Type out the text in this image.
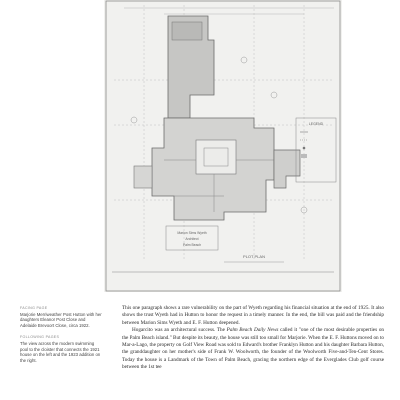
LEGEND
Marion Sims Wyeth
Architect
Palm Beach
PLOT PLAN
FACING PAGE
Marjorie Merriweather Post Hutton with her daughters Eleanor Post Close and Adelaide Brevoort Close, circa 1922.
FOLLOWING PAGES
The view across the modern swimming pool to the cloister that connects the 1921 house on the left and the 1923 addition on the right.

This one paragraph shows a rare vulnerability on the part of Wyeth regarding his financial situation at the end of 1925. It also shows the trust Wyeth had in Hutton to honor the request in a timely manner. In the end, the bill was paid and the friendship between Marion Sims Wyeth and E. F. Hutton deepened.

Hogarcito was an architectural success. The Palm Beach Daily News called it "one of the most desirable properties on the Palm Beach island." But despite its beauty, the house was still too small for Marjorie. When the E. F. Huttons moved on to Mar-a-Lago, the property on Golf View Road was sold to Edward's brother Franklyn Hutton and his daughter Barbara Hutton, the granddaughter on her mother's side of Frank W. Woolworth, the founder of the Woolworth Five-and-Ten-Cent Stores. Today the house is a Landmark of the Town of Palm Beach, gracing the northern edge of the Everglades Club golf course between the 1st tee
